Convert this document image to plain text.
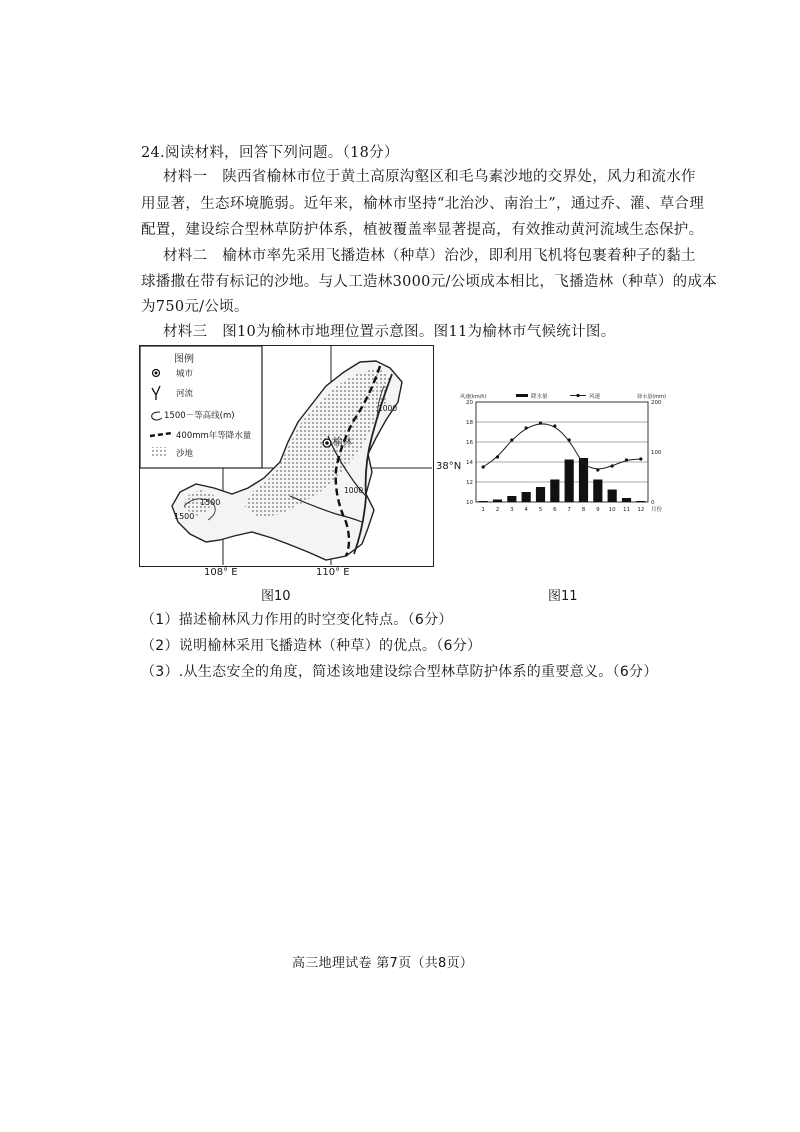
24.阅读材料，回答下列问题。（18分）
材料一　陕西省榆林市位于黄土高原沟壑区和毛乌素沙地的交界处，风力和流水作
用显著，生态环境脆弱。近年来，榆林市坚持“北治沙、南治土”，通过乔、灌、草合理
配置，建设综合型林草防护体系，植被覆盖率显著提高，有效推动黄河流域生态保护。
材料二　榆林市率先采用飞播造林（种草）治沙，即利用飞机将包裹着种子的黏土
球播撒在带有标记的沙地。与人工造林3000元/公顷成本相比，飞播造林（种草）的成本
为750元/公顷。
材料三　图10为榆林市地理位置示意图。图11为榆林市气候统计图。
图例
城市
河流
1500－等高线(m)
400mm年等降水量
沙地
榆林
1500
1500
1000
1000
38°N
108° E	110° E
图10
10
12
14
16
18
20
0
100
200
1 2 3 4 5 6 7 8 9 10 11 12 月份
风速(km/h)	降水量(mm)
降水量	风速
图11
（1）描述榆林风力作用的时空变化特点。（6分）
（2）说明榆林采用飞播造林（种草）的优点。（6分）
（3）.从生态安全的角度，简述该地建设综合型林草防护体系的重要意义。（6分）
高三地理试卷 第7页（共8页）
